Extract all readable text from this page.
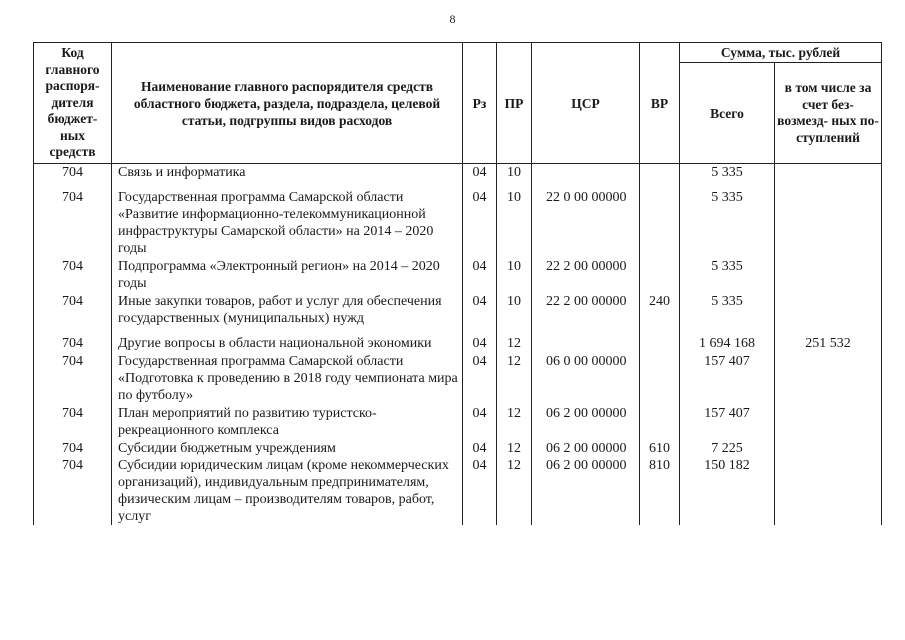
8
Код главного распоря- дителя бюджет- ных средств	Наименование главного распорядителя средств областного бюджета, раздела, подраздела, целевой статьи, подгруппы видов расходов	Рз	ПР	ЦСР	ВР	Сумма, тыс. рублей	
						Всего	в том числе за счет без- возмезд- ных по- ступлений
704	Связь и информатика	04	10			5 335	
704	Государственная программа Самарской области «Развитие информационно-телекоммуникационной инфраструктуры Самарской области» на 2014 – 2020 годы	04	10	22 0 00 00000		5 335	
704	Подпрограмма «Электронный регион» на 2014 – 2020 годы	04	10	22 2 00 00000		5 335	
704	Иные закупки товаров, работ и услуг для обеспечения государственных (муниципальных) нужд	04	10	22 2 00 00000	240	5 335	
704	Другие вопросы в области национальной экономики	04	12			1 694 168	251 532
704	Государственная программа Самарской области «Подготовка к проведению в 2018 году чемпионата мира по футболу»	04	12	06 0 00 00000		157 407	
704	План мероприятий по развитию туристско-рекреационного комплекса	04	12	06 2 00 00000		157 407	
704	Субсидии бюджетным учреждениям	04	12	06 2 00 00000	610	7 225	
704	Субсидии юридическим лицам (кроме некоммерческих организаций), индивидуальным предпринимателям, физическим лицам – производителям товаров, работ, услуг	04	12	06 2 00 00000	810	150 182	
